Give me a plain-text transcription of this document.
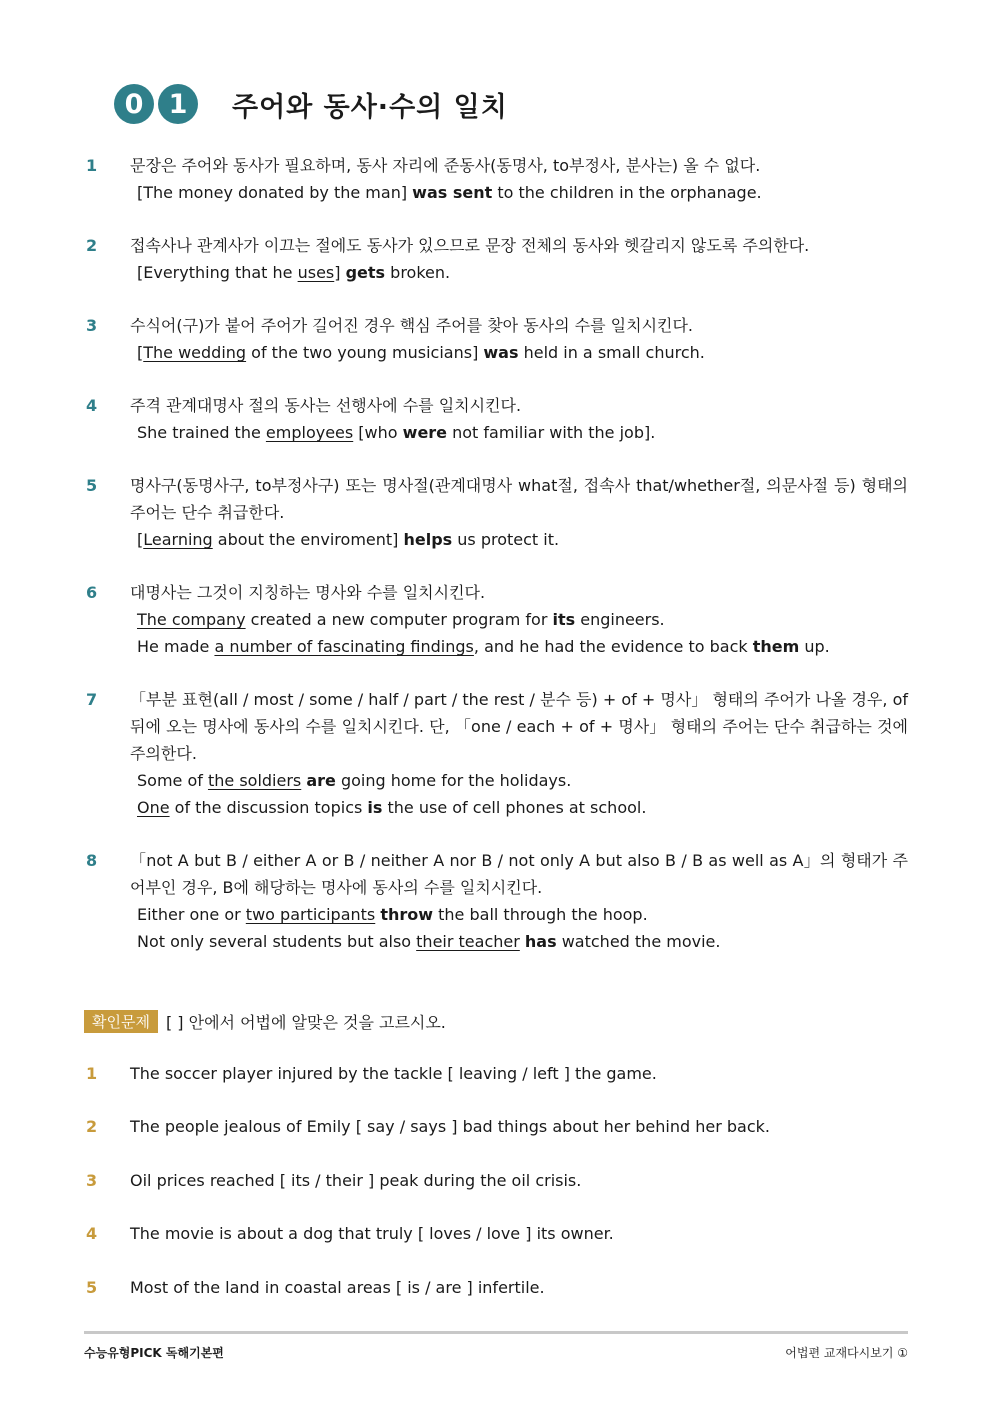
0 1	주어와 동사·수의 일치
1	문장은 주어와 동사가 필요하며, 동사 자리에 준동사(동명사, to부정사, 분사는) 올 수 없다.
[The money donated by the man] was sent to the children in the orphanage.
2	접속사나 관계사가 이끄는 절에도 동사가 있으므로 문장 전체의 동사와 헷갈리지 않도록 주의한다.
[Everything that he uses] gets broken.
3	수식어(구)가 붙어 주어가 길어진 경우 핵심 주어를 찾아 동사의 수를 일치시킨다.
[The wedding of the two young musicians] was held in a small church.
4	주격 관계대명사 절의 동사는 선행사에 수를 일치시킨다.
She trained the employees [who were not familiar with the job].
5	명사구(동명사구, to부정사구) 또는 명사절(관계대명사 what절, 접속사 that/whether절, 의문사절 등) 형태의 주어는 단수 취급한다.
[Learning about the enviroment] helps us protect it.
6	대명사는 그것이 지칭하는 명사와 수를 일치시킨다.
The company created a new computer program for its engineers.
He made a number of fascinating findings, and he had the evidence to back them up.
7	「부분 표현(all / most / some / half / part / the rest / 분수 등) + of + 명사」 형태의 주어가 나올 경우, of 뒤에 오는 명사에 동사의 수를 일치시킨다. 단, 「one / each + of + 명사」 형태의 주어는 단수 취급하는 것에 주의한다.
Some of the soldiers are going home for the holidays.
One of the discussion topics is the use of cell phones at school.
8	「not A but B / either A or B / neither A nor B / not only A but also B / B as well as A」의 형태가 주어부인 경우, B에 해당하는 명사에 동사의 수를 일치시킨다.
Either one or two participants throw the ball through the hoop.
Not only several students but also their teacher has watched the movie.
확인문제	[ ] 안에서 어법에 알맞은 것을 고르시오.
1	The soccer player injured by the tackle [ leaving / left ] the game.
2	The people jealous of Emily [ say / says ] bad things about her behind her back.
3	Oil prices reached [ its / their ] peak during the oil crisis.
4	The movie is about a dog that truly [ loves / love ] its owner.
5	Most of the land in coastal areas [ is / are ] infertile.
수능유형PICK 독해기본편	어법편 교재다시보기 ①
